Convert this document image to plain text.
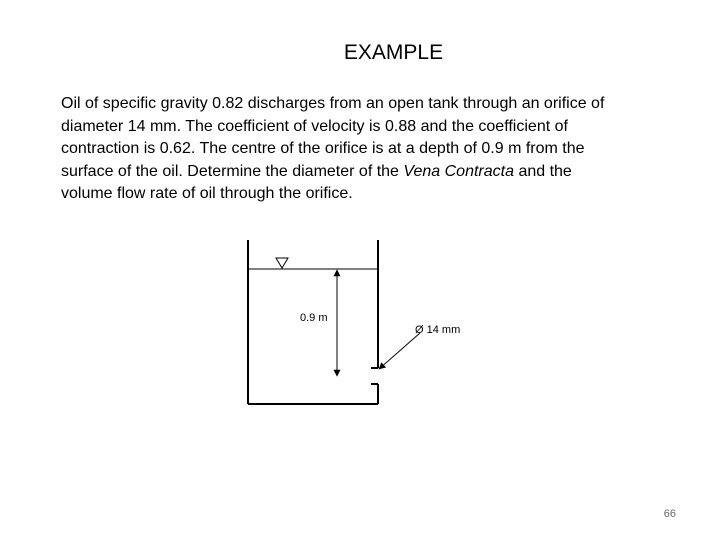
EXAMPLE

Oil of specific gravity 0.82 discharges from an open tank through an orifice of
diameter 14 mm. The coefficient of velocity is 0.88 and the coefficient of
contraction is 0.62. The centre of the orifice is at a depth of 0.9 m from the
surface of the oil. Determine the diameter of the Vena Contracta and the
volume flow rate of oil through the orifice.

0.9 m
Ø 14 mm
66
